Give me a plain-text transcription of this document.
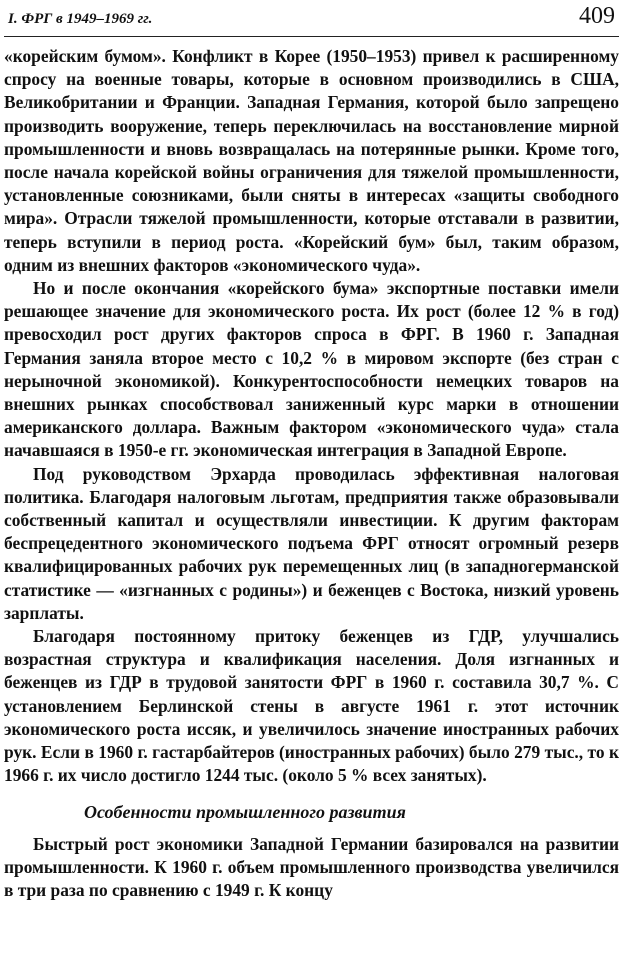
I. ФРГ в 1949–1969 гг.	409

«корейским бумом». Конфликт в Корее (1950–1953) привел к расширенному спросу на военные товары, которые в основном производились в США, Великобритании и Франции. Западная Германия, которой было запрещено производить вооружение, теперь переключилась на восстановление мирной промышленности и вновь возвращалась на потерянные рынки. Кроме того, после начала корейской войны ограничения для тяжелой промышленности, установленные союзниками, были сняты в интересах «защиты свободного мира». Отрасли тяжелой промышленности, которые отставали в развитии, теперь вступили в период роста. «Корейский бум» был, таким образом, одним из внешних факторов «экономического чуда».

Но и после окончания «корейского бума» экспортные поставки имели решающее значение для экономического роста. Их рост (более 12 % в год) превосходил рост других факторов спроса в ФРГ. В 1960 г. Западная Германия заняла второе место с 10,2 % в мировом экспорте (без стран с нерыночной экономикой). Конкурентоспособности немецких товаров на внешних рынках способствовал заниженный курс марки в отношении американского доллара. Важным фактором «экономического чуда» стала начавшаяся в 1950-е гг. экономическая интеграция в Западной Европе.

Под руководством Эрхарда проводилась эффективная налоговая политика. Благодаря налоговым льготам, предприятия также образовывали собственный капитал и осуществляли инвестиции. К другим факторам беспрецедентного экономического подъема ФРГ относят огромный резерв квалифицированных рабочих рук перемещенных лиц (в западногерманской статистике — «изгнанных с родины») и беженцев с Востока, низкий уровень зарплаты.

Благодаря постоянному притоку беженцев из ГДР, улучшались возрастная структура и квалификация населения. Доля изгнанных и беженцев из ГДР в трудовой занятости ФРГ в 1960 г. составила 30,7 %. С установлением Берлинской стены в августе 1961 г. этот источник экономического роста иссяк, и увеличилось значение иностранных рабочих рук. Если в 1960 г. гастарбайтеров (иностранных рабочих) было 279 тыс., то к 1966 г. их число достигло 1244 тыс. (около 5 % всех занятых).

Особенности промышленного развития

Быстрый рост экономики Западной Германии базировался на развитии промышленности. К 1960 г. объем промышленного производства увеличился в три раза по сравнению с 1949 г. К концу
